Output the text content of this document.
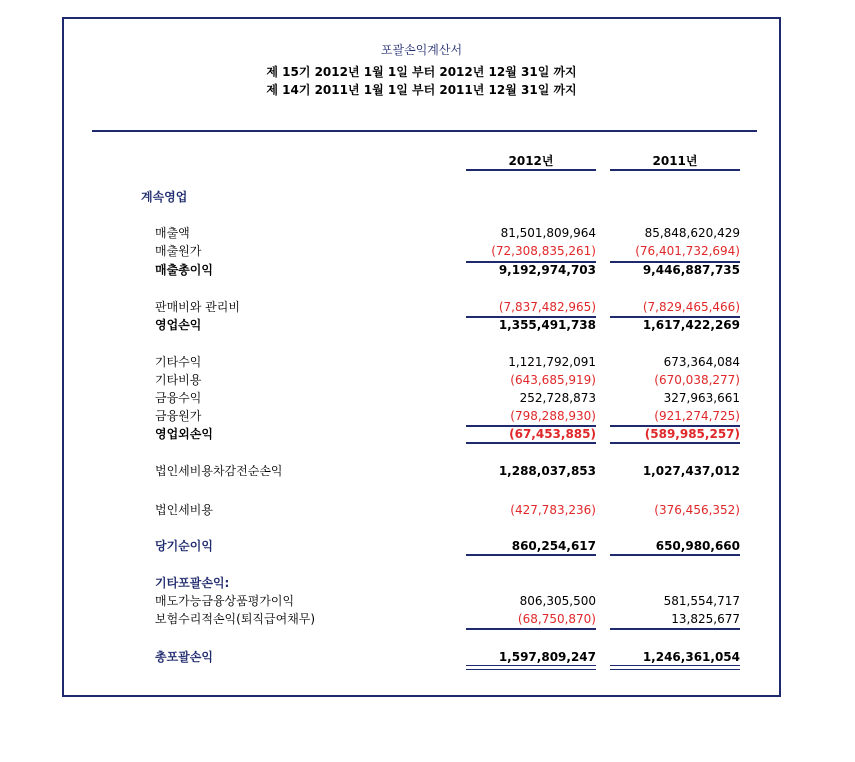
포괄손익계산서
제 15기 2012년 1월 1일 부터 2012년 12월 31일 까지
제 14기 2011년 1월 1일 부터 2011년 12월 31일 까지
2012년	2011년
계속영업
매출액	81,501,809,964	85,848,620,429
매출원가	(72,308,835,261)	(76,401,732,694)
매출총이익	9,192,974,703	9,446,887,735
판매비와 관리비	(7,837,482,965)	(7,829,465,466)
영업손익	1,355,491,738	1,617,422,269
기타수익	1,121,792,091	673,364,084
기타비용	(643,685,919)	(670,038,277)
금융수익	252,728,873	327,963,661
금융원가	(798,288,930)	(921,274,725)
영업외손익	(67,453,885)	(589,985,257)
법인세비용차감전순손익	1,288,037,853	1,027,437,012
법인세비용	(427,783,236)	(376,456,352)
당기순이익	860,254,617	650,980,660
기타포괄손익:
매도가능금융상품평가이익	806,305,500	581,554,717
보험수리적손익(퇴직급여채무)	(68,750,870)	13,825,677
총포괄손익	1,597,809,247	1,246,361,054
